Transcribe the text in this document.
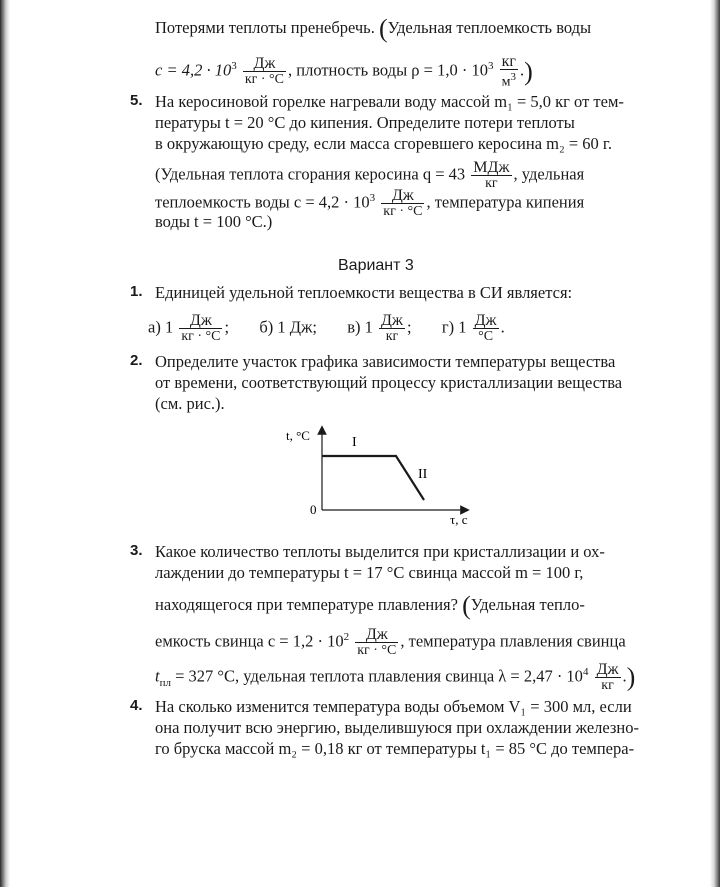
Потерями теплоты пренебречь. (Удельная теплоемкость воды
$c = 4,2 \cdot 10^3 \frac{Дж}{кг \cdot ^\circ С}$ , плотность воды $\rho = 1,0 \cdot 10^3 \frac{кг}{м^3}$ .)
5. На керосиновой горелке нагревали воду массой m₁ = 5,0 кг от тем-
пературы t = 20 °С до кипения. Определите потери теплоты
в окружающую среду, если масса сгоревшего керосина m₂ = 60 г.
(Удельная теплота сгорания керосина $q = 43 \frac{\text{МДж}}{кг}$ , удельная
теплоемкость воды $c = 4,2 \cdot 10^3 \frac{Дж}{кг \cdot ^\circ С}$ , температура кипения
воды t = 100 °С.)
Вариант 3
1. Единицей удельной теплоемкости вещества в СИ является:
а) $1 \frac{Дж}{кг \cdot ^\circ С}$ ; б) 1 Дж; в) $1 \frac{Дж}{кг}$ ; г) $1 \frac{Дж}{^\circ С}$ .
2. Определите участок графика зависимости температуры вещества
от времени, соответствующий процессу кристаллизации вещества
(см. рис.).
t, °C
τ, c
0
I
II
3. Какое количество теплоты выделится при кристаллизации и ох-
лаждении до температуры t = 17 °С свинца массой m = 100 г,
находящегося при температуре плавления? (Удельная тепло-
емкость свинца $c = 1,2 \cdot 10^2 \frac{Дж}{кг \cdot ^\circ С}$ , температура плавления свинца
$t_{пл} = 327$ °С, удельная теплота плавления свинца $\lambda = 2,47 \cdot 10^4 \frac{Дж}{кг}$ .)
4. На сколько изменится температура воды объемом V₁ = 300 мл, если
она получит всю энергию, выделившуюся при охлаждении железно-
го бруска массой m₂ = 0,18 кг от температуры t₁ = 85 °С до темпера-
